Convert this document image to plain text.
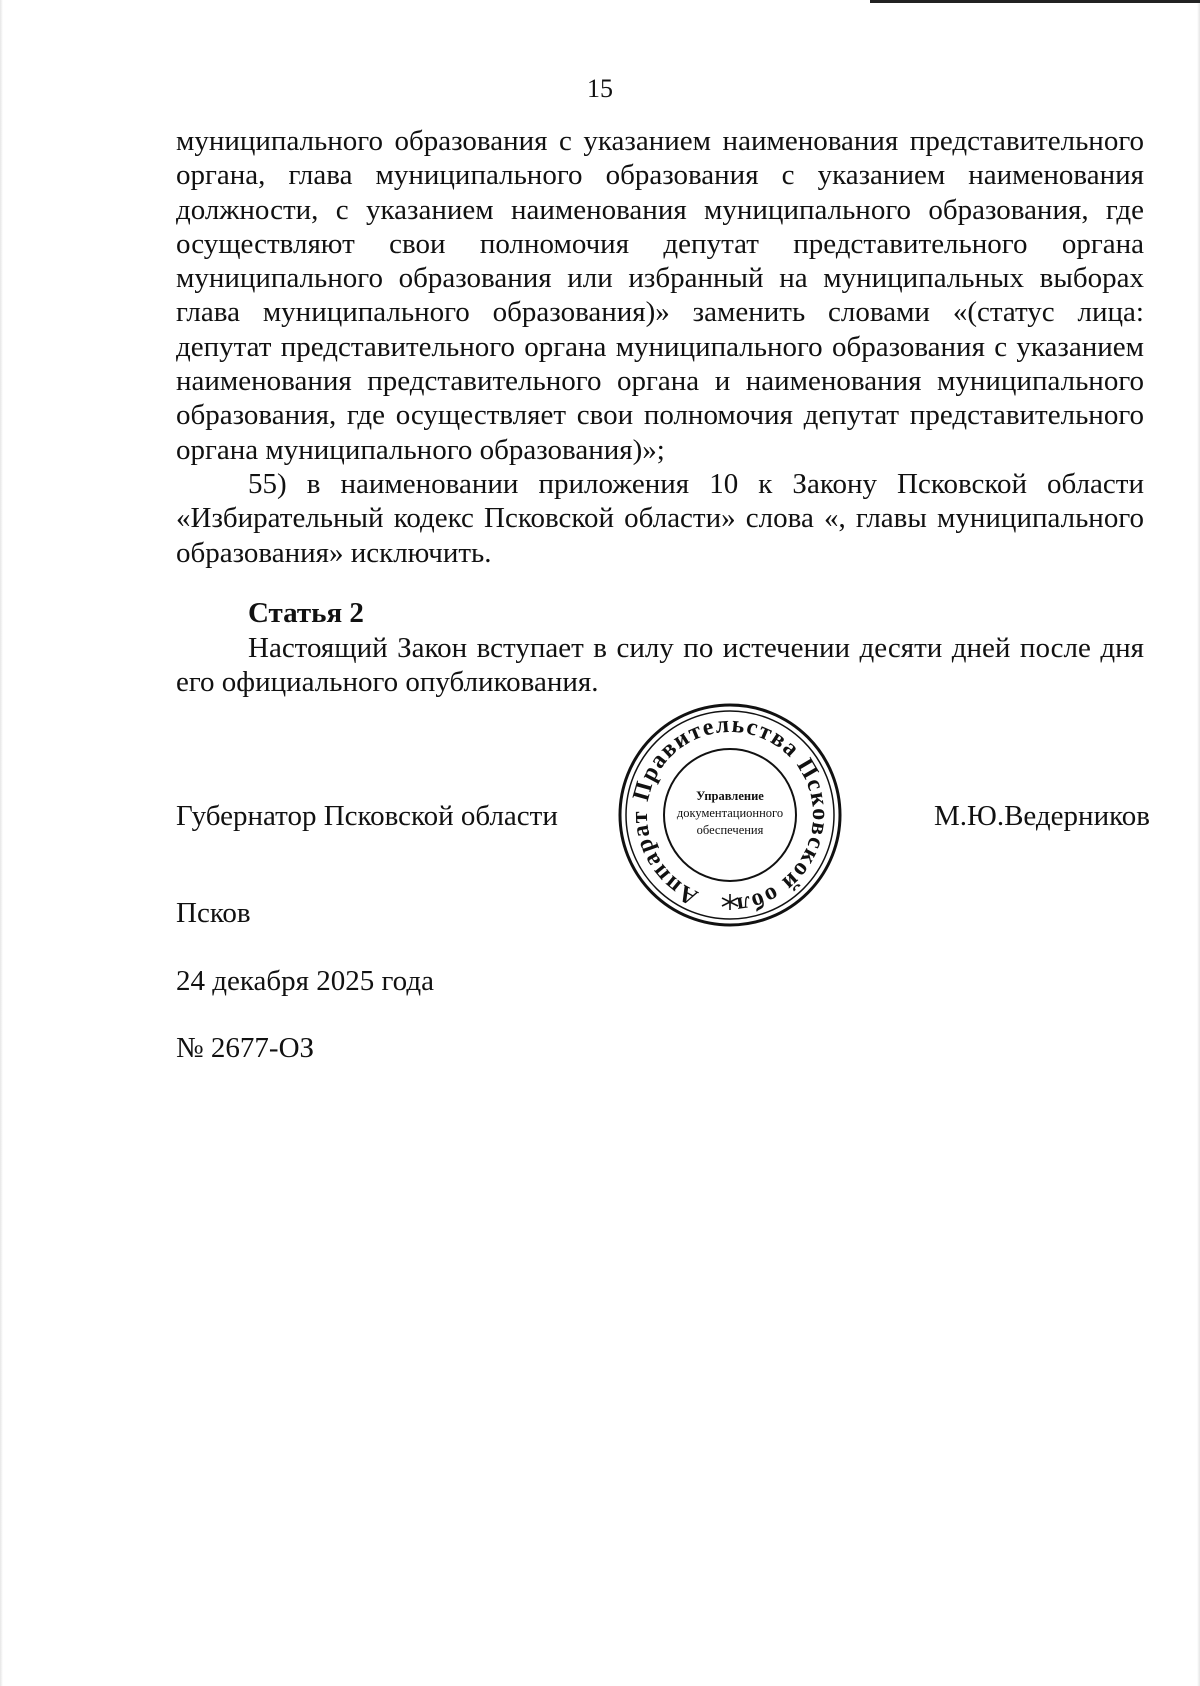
15

муниципального образования с указанием наименования представительного органа, глава муниципального образования с указанием наименования должности, с указанием наименования муниципального образования, где осуществляют свои полномочия депутат представительного органа муниципального образования или избранный на муниципальных выборах глава муниципального образования)» заменить словами «(статус лица: депутат представительного органа муниципального образования с указанием наименования представительного органа и наименования муниципального образования, где осуществляет свои полномочия депутат представительного органа муниципального образования)»;

55) в наименовании приложения 10 к Закону Псковской области «Избирательный кодекс Псковской области» слова «, главы муниципального образования» исключить.

Статья 2

Настоящий Закон вступает в силу по истечении десяти дней после дня его официального опубликования.

Губернатор Псковской области

Аппарат Правительства Псковской обл
Управление
документационного
обеспечения	М.Ю.Ведерников

Псков

24 декабря 2025 года

№ 2677-ОЗ
